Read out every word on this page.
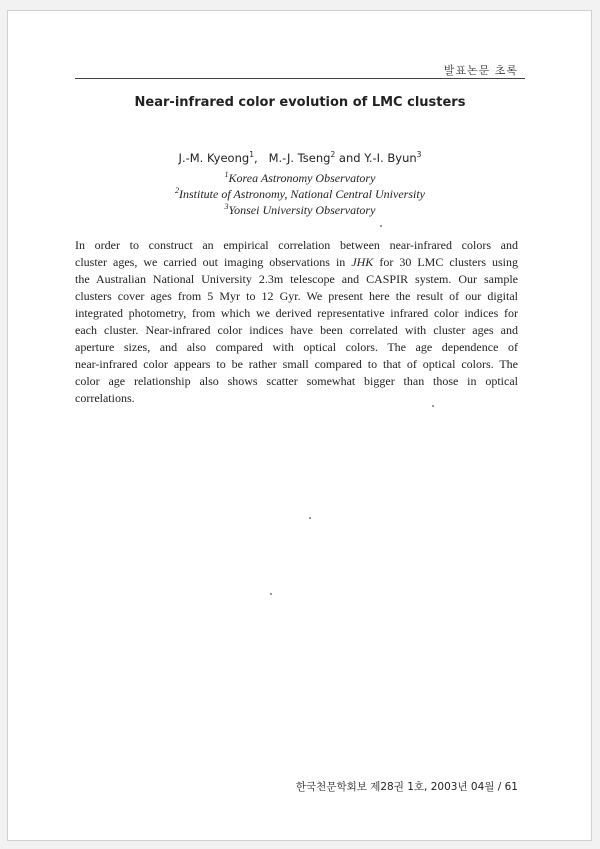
발표논문 초록
Near-infrared color evolution of LMC clusters
J.-M. Kyeong$^1$, M.-J. Tseng$^2$ and Y.-I. Byun$^3$
$^1$Korea Astronomy Observatory
$^2$Institute of Astronomy, National Central University
$^3$Yonsei University Observatory
In order to construct an empirical correlation between near-infrared colors and
cluster ages, we carried out imaging observations in JHK for 30 LMC clusters using
the Australian National University 2.3m telescope and CASPIR system. Our sample
clusters cover ages from 5 Myr to 12 Gyr. We present here the result of our digital
integrated photometry, from which we derived representative infrared color indices for
each cluster. Near-infrared color indices have been correlated with cluster ages and
aperture sizes, and also compared with optical colors. The age dependence of
near-infrared color appears to be rather small compared to that of optical colors. The
color age relationship also shows scatter somewhat bigger than those in optical
correlations.
한국천문학회보 제28권 1호, 2003년 04월 / 61
